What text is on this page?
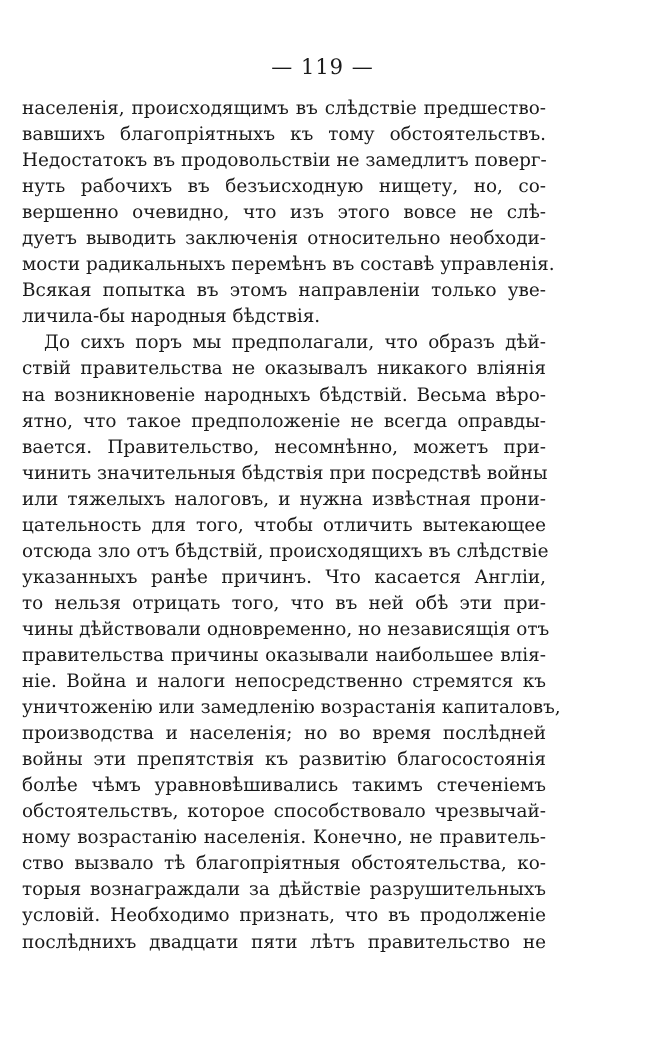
— 119 —
населенія, происходящимъ въ слѣдствіе предшество-
вавшихъ благопріятныхъ къ тому обстоятельствъ.
Недостатокъ въ продовольствіи не замедлитъ поверг-
нуть рабочихъ въ безъисходную нищету, но, со-
вершенно очевидно, что изъ этого вовсе не слѣ-
дуетъ выводить заключенія относительно необходи-
мости радикальныхъ перемѣнъ въ составѣ управленія.
Всякая попытка въ этомъ направленіи только уве-
личила-бы народныя бѣдствія.
До сихъ поръ мы предполагали, что образъ дѣй-
ствій правительства не оказывалъ никакого вліянія
на возникновеніе народныхъ бѣдствій. Весьма вѣро-
ятно, что такое предположеніе не всегда оправды-
вается. Правительство, несомнѣнно, можетъ при-
чинить значительныя бѣдствія при посредствѣ войны
или тяжелыхъ налоговъ, и нужна извѣстная прони-
цательность для того, чтобы отличить вытекающее
отсюда зло отъ бѣдствій, происходящихъ въ слѣдствіе
указанныхъ ранѣе причинъ. Что касается Англіи,
то нельзя отрицать того, что въ ней обѣ эти при-
чины дѣйствовали одновременно, но независящія отъ
правительства причины оказывали наибольшее влія-
ніе. Война и налоги непосредственно стремятся къ
уничтоженію или замедленію возрастанія капиталовъ,
производства и населенія; но во время послѣдней
войны эти препятствія къ развитію благосостоянія
болѣе чѣмъ уравновѣшивались такимъ стеченіемъ
обстоятельствъ, которое способствовало чрезвычай-
ному возрастанію населенія. Конечно, не правитель-
ство вызвало тѣ благопріятныя обстоятельства, ко-
торыя вознаграждали за дѣйствіе разрушительныхъ
условій. Необходимо признать, что въ продолженіе
послѣднихъ двадцати пяти лѣтъ правительство не
